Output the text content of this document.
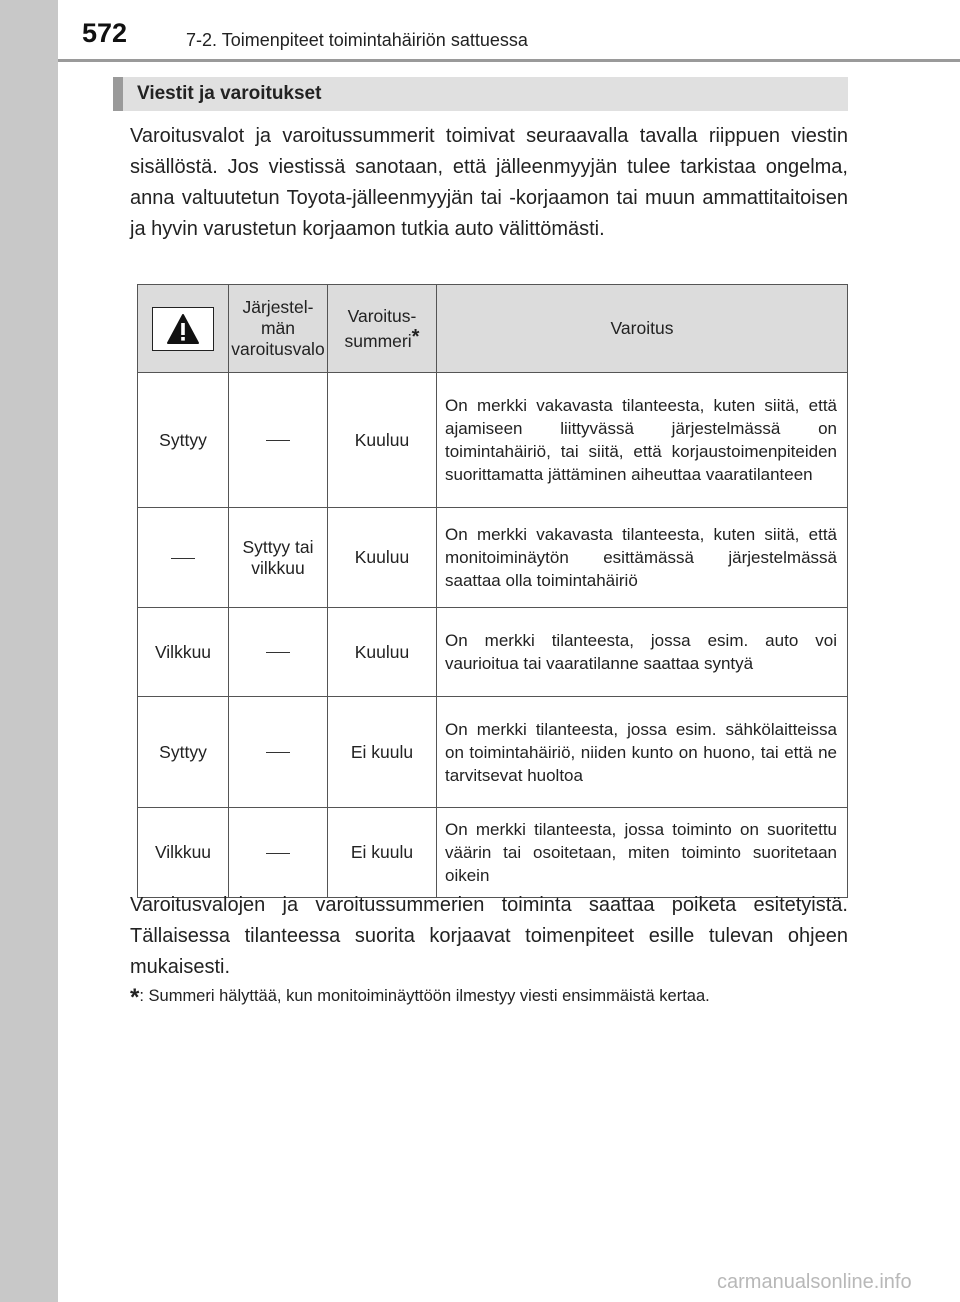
572	7-2. Toimenpiteet toimintahäiriön sattuessa
Viestit ja varoitukset

Varoitusvalot ja varoitussummerit toimivat seuraavalla tavalla riippuen viestin sisällöstä. Jos viestissä sanotaan, että jälleenmyyjän tulee tarkistaa ongelma, anna valtuutetun Toyota-jälleenmyyjän tai -korjaamon tai muun ammattitaitoisen ja hyvin varustetun korjaamon tutkia auto välittömästi.

	Järjestel-män varoitusvalo	Varoitus-summeri*	Varoitus
Syttyy		Kuuluu	On merkki vakavasta tilanteesta, kuten siitä, että ajamiseen liittyvässä järjestelmässä on toimintahäiriö, tai siitä, että korjaustoimenpiteiden suorittamatta jättäminen aiheuttaa vaaratilanteen
	Syttyy tai vilkkuu	Kuuluu	On merkki vakavasta tilanteesta, kuten siitä, että monitoiminäytön esittämässä järjestelmässä saattaa olla toimintahäiriö
Vilkkuu		Kuuluu	On merkki tilanteesta, jossa esim. auto voi vaurioitua tai vaaratilanne saattaa syntyä
Syttyy		Ei kuulu	On merkki tilanteesta, jossa esim. sähkölaitteissa on toimintahäiriö, niiden kunto on huono, tai että ne tarvitsevat huoltoa
Vilkkuu		Ei kuulu	On merkki tilanteesta, jossa toiminto on suoritettu väärin tai osoitetaan, miten toiminto suoritetaan oikein

Varoitusvalojen ja varoitussummerien toiminta saattaa poiketa esitetyistä. Tällaisessa tilanteessa suorita korjaavat toimenpiteet esille tulevan ohjeen mukaisesti.

*: Summeri hälyttää, kun monitoiminäyttöön ilmestyy viesti ensimmäistä kertaa.

carmanualsonline.info
